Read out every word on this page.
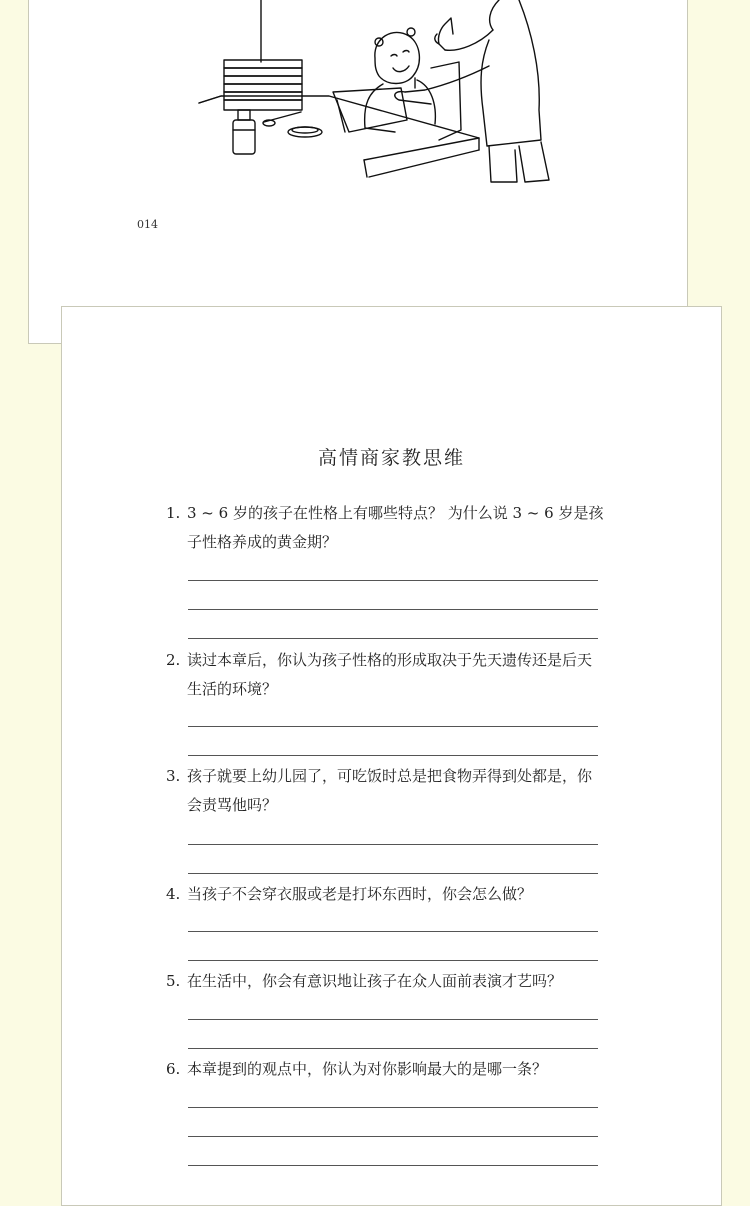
014
高情商家教思维
1. 3 ~ 6 岁的孩子在性格上有哪些特点？ 为什么说 3 ~ 6 岁是孩子性格养成的黄金期？
2. 读过本章后，你认为孩子性格的形成取决于先天遗传还是后天生活的环境？
3. 孩子就要上幼儿园了，可吃饭时总是把食物弄得到处都是，你会责骂他吗？
4. 当孩子不会穿衣服或老是打坏东西时，你会怎么做？
5. 在生活中，你会有意识地让孩子在众人面前表演才艺吗？
6. 本章提到的观点中，你认为对你影响最大的是哪一条？
